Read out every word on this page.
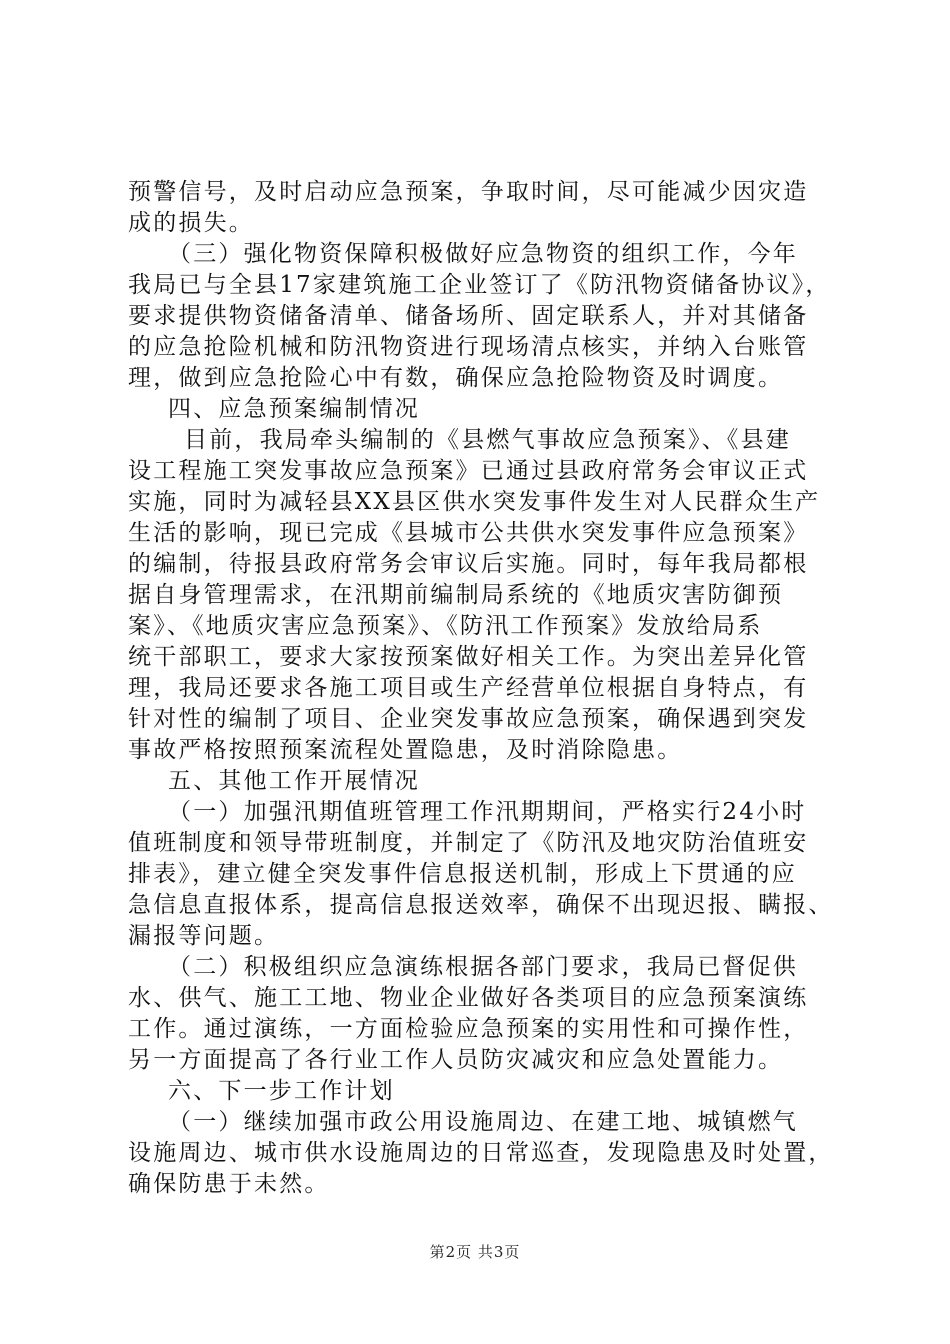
预警信号，及时启动应急预案，争取时间，尽可能减少因灾造
成的损失。
（三）强化物资保障积极做好应急物资的组织工作，今年
我局已与全县17家建筑施工企业签订了《防汛物资储备协议》，
要求提供物资储备清单、储备场所、固定联系人，并对其储备
的应急抢险机械和防汛物资进行现场清点核实，并纳入台账管
理，做到应急抢险心中有数，确保应急抢险物资及时调度。
四、应急预案编制情况
目前，我局牵头编制的《县燃气事故应急预案》、《县建
设工程施工突发事故应急预案》已通过县政府常务会审议正式
实施，同时为减轻县XX县区供水突发事件发生对人民群众生产
生活的影响，现已完成《县城市公共供水突发事件应急预案》
的编制，待报县政府常务会审议后实施。同时，每年我局都根
据自身管理需求，在汛期前编制局系统的《地质灾害防御预
案》、《地质灾害应急预案》、《防汛工作预案》发放给局系
统干部职工，要求大家按预案做好相关工作。为突出差异化管
理，我局还要求各施工项目或生产经营单位根据自身特点，有
针对性的编制了项目、企业突发事故应急预案，确保遇到突发
事故严格按照预案流程处置隐患，及时消除隐患。
五、其他工作开展情况
（一）加强汛期值班管理工作汛期期间，严格实行24小时
值班制度和领导带班制度，并制定了《防汛及地灾防治值班安
排表》，建立健全突发事件信息报送机制，形成上下贯通的应
急信息直报体系，提高信息报送效率，确保不出现迟报、瞒报、
漏报等问题。
（二）积极组织应急演练根据各部门要求，我局已督促供
水、供气、施工工地、物业企业做好各类项目的应急预案演练
工作。通过演练，一方面检验应急预案的实用性和可操作性，
另一方面提高了各行业工作人员防灾减灾和应急处置能力。
六、下一步工作计划
（一）继续加强市政公用设施周边、在建工地、城镇燃气
设施周边、城市供水设施周边的日常巡查，发现隐患及时处置，
确保防患于未然。
第2页 共3页
